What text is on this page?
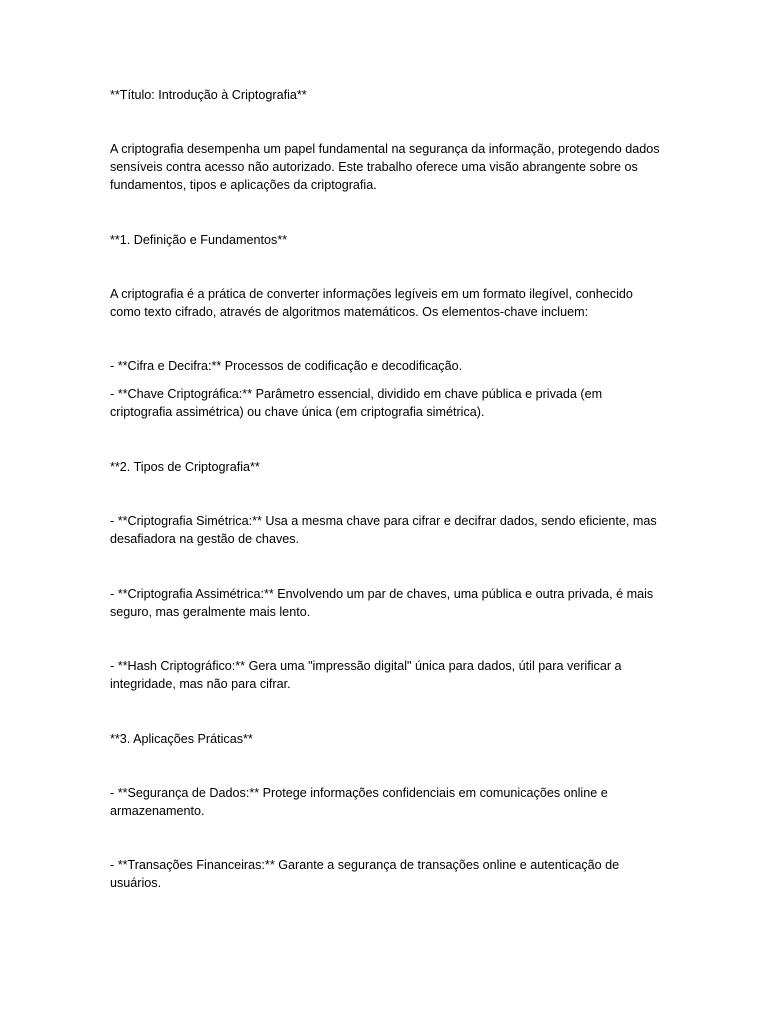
**Título: Introdução à Criptografia**

A criptografia desempenha um papel fundamental na segurança da informação, protegendo dados sensíveis contra acesso não autorizado. Este trabalho oferece uma visão abrangente sobre os fundamentos, tipos e aplicações da criptografia.

**1. Definição e Fundamentos**

A criptografia é a prática de converter informações legíveis em um formato ilegível, conhecido como texto cifrado, através de algoritmos matemáticos. Os elementos-chave incluem:

- **Cifra e Decifra:** Processos de codificação e decodificação.

- **Chave Criptográfica:** Parâmetro essencial, dividido em chave pública e privada (em criptografia assimétrica) ou chave única (em criptografia simétrica).

**2. Tipos de Criptografia**

- **Criptografia Simétrica:** Usa a mesma chave para cifrar e decifrar dados, sendo eficiente, mas desafiadora na gestão de chaves.

- **Criptografia Assimétrica:** Envolvendo um par de chaves, uma pública e outra privada, é mais seguro, mas geralmente mais lento.

- **Hash Criptográfico:** Gera uma "impressão digital" única para dados, útil para verificar a integridade, mas não para cifrar.

**3. Aplicações Práticas**

- **Segurança de Dados:** Protege informações confidenciais em comunicações online e armazenamento.

- **Transações Financeiras:** Garante a segurança de transações online e autenticação de usuários.
